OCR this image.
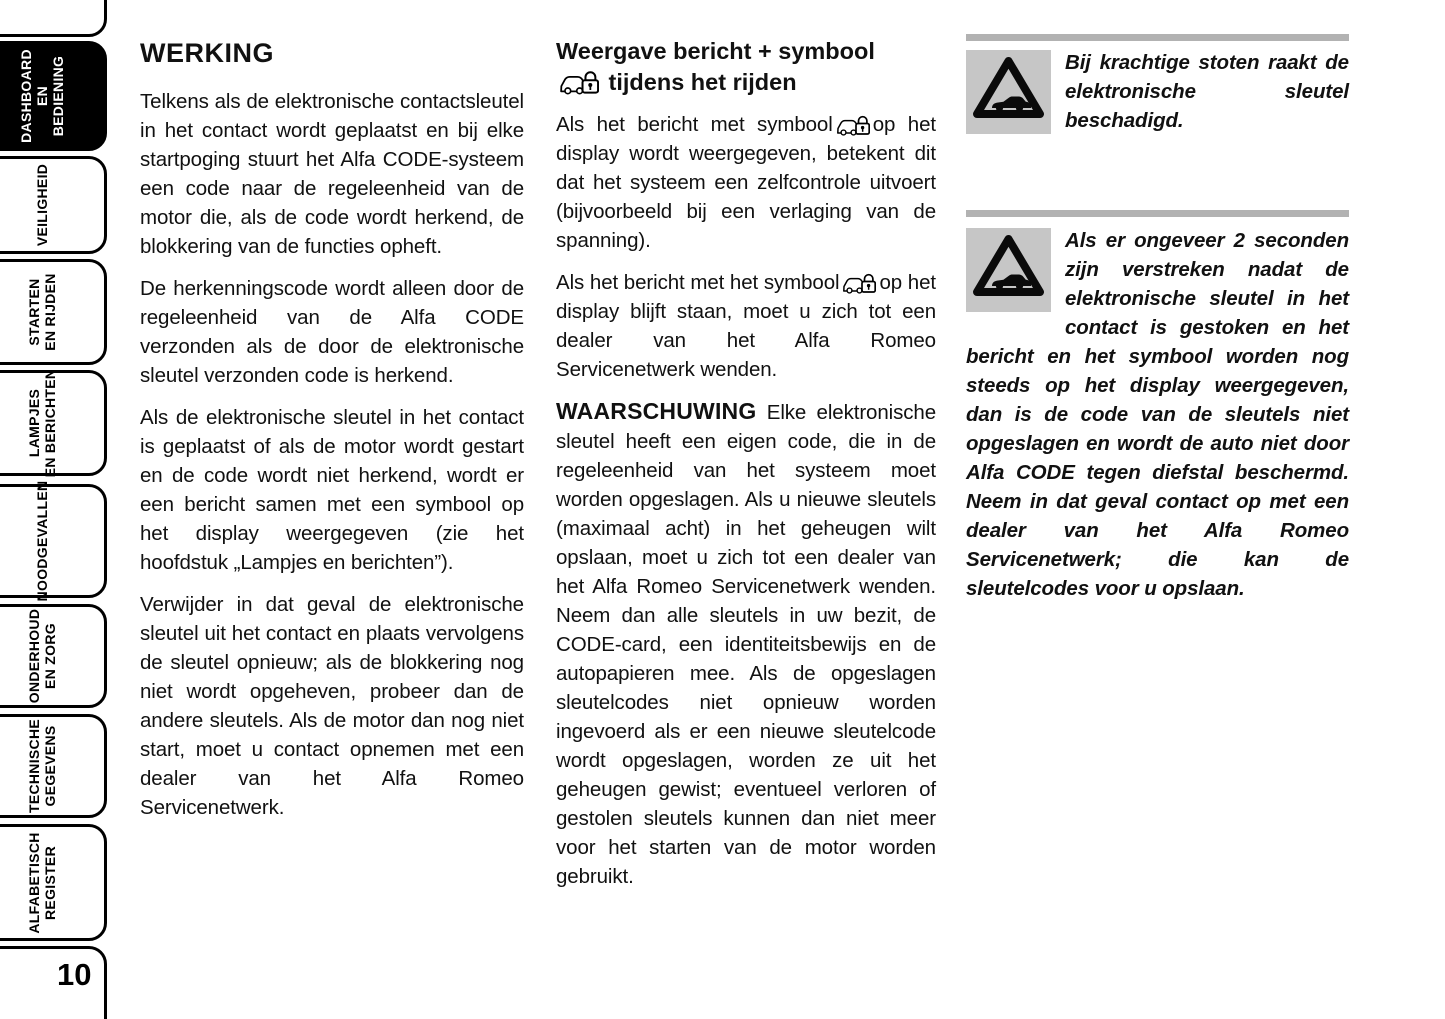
DASHBOARD EN BEDIENING
VEILIGHEID
STARTEN EN RIJDEN
LAMPJES EN BERICHTEN
NOODGEVALLEN
ONDERHOUD EN ZORG
TECHNISCHE GEGEVENS
ALFABETISCH REGISTER
10
WERKING

Telkens als de elektronische contactsleutel in het contact wordt geplaatst en bij elke startpoging stuurt het Alfa CODE-systeem een code naar de regeleenheid van de motor die, als de code wordt herkend, de blokkering van de functies opheft.

De herkenningscode wordt alleen door de regeleenheid van de Alfa CODE verzonden als de door de elektronische sleutel verzonden code is herkend.

Als de elektronische sleutel in het contact is geplaatst of als de motor wordt gestart en de code wordt niet herkend, wordt er een bericht samen met een symbool op het display weergegeven (zie het hoofdstuk „Lampjes en berichten”).

Verwijder in dat geval de elektronische sleutel uit het contact en plaats vervolgens de sleutel opnieuw; als de blokkering nog niet wordt opgeheven, probeer dan de andere sleutels. Als de motor dan nog niet start, moet u contact opnemen met een dealer van het Alfa Romeo Servicenetwerk.

Weergave bericht + symbool

tijdens het rijden

Als het bericht met symbool op het display wordt weergegeven, betekent dit dat het systeem een zelfcontrole uitvoert (bijvoorbeeld bij een verlaging van de spanning).

Als het bericht met het symbool op het display blijft staan, moet u zich tot een dealer van het Alfa Romeo Servicenetwerk wenden.

WAARSCHUWING Elke elektronische sleutel heeft een eigen code, die in de regeleenheid van het systeem moet worden opgeslagen. Als u nieuwe sleutels (maximaal acht) in het geheugen wilt opslaan, moet u zich tot een dealer van het Alfa Romeo Servicenetwerk wenden. Neem dan alle sleutels in uw bezit, de CODE-card, een identiteitsbewijs en de autopapieren mee. Als de opgeslagen sleutelcodes niet opnieuw worden ingevoerd als er een nieuwe sleutelcode wordt opgeslagen, worden ze uit het geheugen gewist; eventueel verloren of gestolen sleutels kunnen dan niet meer voor het starten van de motor worden gebruikt.

Bij krachtige stoten raakt de elektronische sleutel beschadigd.

Als er ongeveer 2 seconden zijn verstreken nadat de elektronische sleutel in het contact is gestoken en het bericht en het symbool worden nog steeds op het display weergegeven, dan is de code van de sleutels niet opgeslagen en wordt de auto niet door Alfa CODE tegen diefstal beschermd. Neem in dat geval contact op met een dealer van het Alfa Romeo Servicenetwerk; die kan de sleutelcodes voor u opslaan.
